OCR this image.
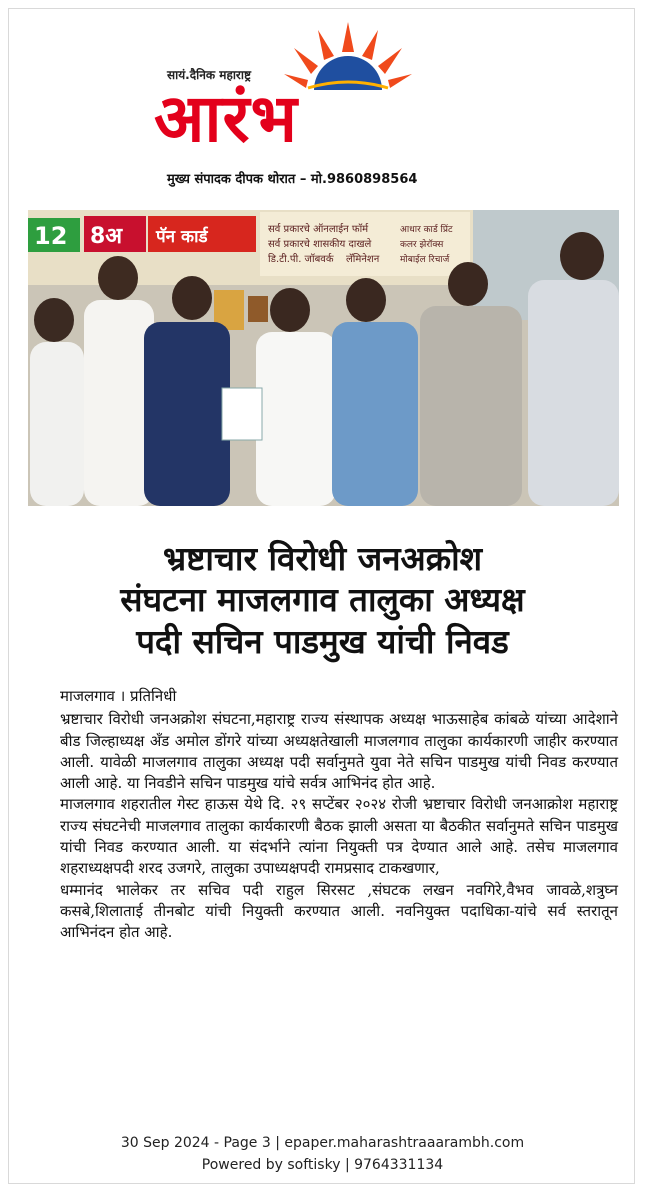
सायं.दैनिक महाराष्ट्र
आरंभ
मुख्य संपादक दीपक थोरात – मो.9860898564
12 8अ पॅन कार्ड	सर्व प्रकारचे ऑनलाईन फॉर्म
सर्व प्रकारचे शासकीय दाखले
डि.टी.पी. जॉबवर्क लॅमिनेशन
आधार कार्ड प्रिंट
कलर झेरॉक्स
मोबाईल रिचार्ज
भ्रष्टाचार विरोधी जनअक्रोश
संघटना माजलगाव तालुका अध्यक्ष
पदी सचिन पाडमुख यांची निवड

माजलगाव । प्रतिनिधी

भ्रष्टाचार विरोधी जनअक्रोश संघटना,महाराष्ट्र राज्य संस्थापक अध्यक्ष भाऊसाहेब कांबळे यांच्या आदेशाने बीड जिल्हाध्यक्ष अँड अमोल डोंगरे यांच्या अध्यक्षतेखाली माजलगाव तालुका कार्यकारणी जाहीर करण्यात आली. यावेळी माजलगाव तालुका अध्यक्ष पदी सर्वानुमते युवा नेते सचिन पाडमुख यांची निवड करण्यात आली आहे. या निवडीने सचिन पाडमुख यांचे सर्वत्र आभिनंद होत आहे.

माजलगाव शहरातील गेस्ट हाऊस येथे दि. २९ सप्टेंबर २०२४ रोजी भ्रष्टाचार विरोधी जनआक्रोश महाराष्ट्र राज्य संघटनेची माजलगाव तालुका कार्यकारणी बैठक झाली असता या बैठकीत सर्वानुमते सचिन पाडमुख यांची निवड करण्यात आली. या संदर्भाने त्यांना नियुक्ती पत्र देण्यात आले आहे. तसेच माजलगाव शहराध्यक्षपदी शरद उजगरे, तालुका उपाध्यक्षपदी रामप्रसाद टाकखणार,

धम्मानंद भालेकर तर सचिव पदी राहुल सिरसट ,संघटक लखन नवगिरे,वैभव जावळे,शत्रुघ्न कसबे,शिलाताई तीनबोट यांची नियुक्ती करण्यात आली. नवनियुक्त पदाधिका-यांचे सर्व स्तरातून आभिनंदन होत आहे.

30 Sep 2024 - Page 3 | epaper.maharashtraaarambh.com
Powered by softisky | 9764331134
